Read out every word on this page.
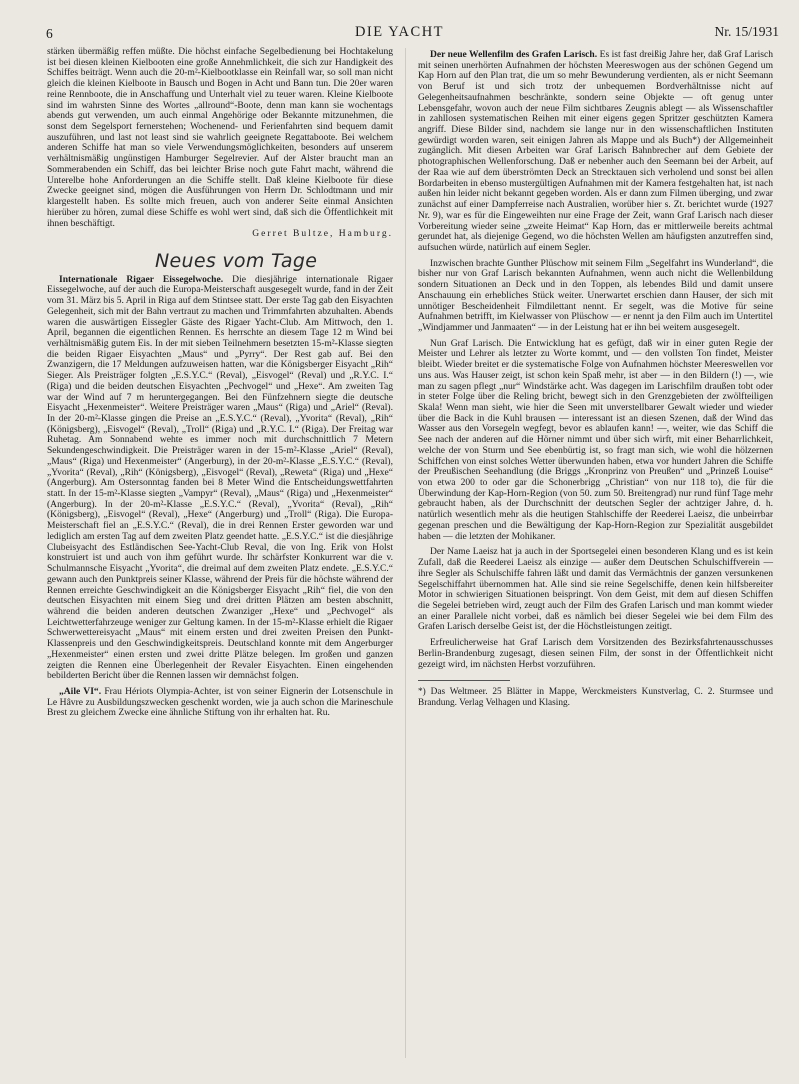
6	DIE YACHT	Nr. 15/1931

stärken übermäßig reffen müßte. Die höchst einfache Segelbedienung bei Hochtakelung ist bei diesen kleinen Kielbooten eine große Annehmlichkeit, die sich zur Handigkeit des Schiffes beiträgt. Wenn auch die 20-m²-Kielbootklasse ein Reinfall war, so soll man nicht gleich die kleinen Kielboote in Bausch und Bogen in Acht und Bann tun. Die 20er waren reine Rennboote, die in Anschaffung und Unterhalt viel zu teuer waren. Kleine Kielboote sind im wahrsten Sinne des Wortes „allround“-Boote, denn man kann sie wochentags abends gut verwenden, um auch einmal Angehörige oder Bekannte mitzunehmen, die sonst dem Segelsport fernerstehen; Wochenend- und Ferienfahrten sind bequem damit auszuführen, und last not least sind sie wahrlich geeignete Regattaboote. Bei welchem anderen Schiffe hat man so viele Verwendungsmöglichkeiten, besonders auf unserem verhältnismäßig ungünstigen Hamburger Segelrevier. Auf der Alster braucht man an Sommerabenden ein Schiff, das bei leichter Brise noch gute Fahrt macht, während die Unterelbe hohe Anforderungen an die Schiffe stellt. Daß kleine Kielboote für diese Zwecke geeignet sind, mögen die Ausführungen von Herrn Dr. Schlodtmann und mir klargestellt haben. Es sollte mich freuen, auch von anderer Seite einmal Ansichten hierüber zu hören, zumal diese Schiffe es wohl wert sind, daß sich die Öffentlichkeit mit ihnen beschäftigt.

Gerret Bultze, Hamburg.
Neues vom Tage

Internationale Rigaer Eissegelwoche. Die diesjährige internationale Rigaer Eissegelwoche, auf der auch die Europa-Meisterschaft ausgesegelt wurde, fand in der Zeit vom 31. März bis 5. April in Riga auf dem Stintsee statt. Der erste Tag gab den Eisyachten Gelegenheit, sich mit der Bahn vertraut zu machen und Trimmfahrten abzuhalten. Abends waren die auswärtigen Eissegler Gäste des Rigaer Yacht-Club. Am Mittwoch, den 1. April, begannen die eigentlichen Rennen. Es herrschte an diesem Tage 12 m Wind bei verhältnismäßig gutem Eis. In der mit sieben Teilnehmern besetzten 15-m²-Klasse siegten die beiden Rigaer Eisyachten „Maus“ und „Pyrry“. Der Rest gab auf. Bei den Zwanzigern, die 17 Meldungen aufzuweisen hatten, war die Königsberger Eisyacht „Rih“ Sieger. Als Preisträger folgten „E.S.Y.C.“ (Reval), „Eisvogel“ (Reval) und „R.Y.C. I.“ (Riga) und die beiden deutschen Eisyachten „Pechvogel“ und „Hexe“. Am zweiten Tag war der Wind auf 7 m heruntergegangen. Bei den Fünfzehnern siegte die deutsche Eisyacht „Hexenmeister“. Weitere Preisträger waren „Maus“ (Riga) und „Ariel“ (Reval). In der 20-m²-Klasse gingen die Preise an „E.S.Y.C.“ (Reval), „Yvorita“ (Reval), „Rih“ (Königsberg), „Eisvogel“ (Reval), „Troll“ (Riga) und „R.Y.C. I.“ (Riga). Der Freitag war Ruhetag. Am Sonnabend wehte es immer noch mit durchschnittlich 7 Metern Sekundengeschwindigkeit. Die Preisträger waren in der 15-m²-Klasse „Ariel“ (Reval), „Maus“ (Riga) und Hexenmeister“ (Angerburg), in der 20-m²-Klasse „E.S.Y.C.“ (Reval), „Yvorita“ (Reval), „Rih“ (Königsberg), „Eisvogel“ (Reval), „Reweta“ (Riga) und „Hexe“ (Angerburg). Am Ostersonntag fanden bei 8 Meter Wind die Entscheidungswettfahrten statt. In der 15-m²-Klasse siegten „Vampyr“ (Reval), „Maus“ (Riga) und „Hexenmeister“ (Angerburg). In der 20-m²-Klasse „E.S.Y.C.“ (Reval), „Yvorita“ (Reval), „Rih“ (Königsberg), „Eisvogel“ (Reval), „Hexe“ (Angerburg) und „Troll“ (Riga). Die Europa-Meisterschaft fiel an „E.S.Y.C.“ (Reval), die in drei Rennen Erster geworden war und lediglich am ersten Tag auf dem zweiten Platz geendet hatte. „E.S.Y.C.“ ist die diesjährige Clubeisyacht des Estländischen See-Yacht-Club Reval, die von Ing. Erik von Holst konstruiert ist und auch von ihm geführt wurde. Ihr schärfster Konkurrent war die v. Schulmannsche Eisyacht „Yvorita“, die dreimal auf dem zweiten Platz endete. „E.S.Y.C.“ gewann auch den Punktpreis seiner Klasse, während der Preis für die höchste während der Rennen erreichte Geschwindigkeit an die Königsberger Eisyacht „Rih“ fiel, die von den deutschen Eisyachten mit einem Sieg und drei dritten Plätzen am besten abschnitt, während die beiden anderen deutschen Zwanziger „Hexe“ und „Pechvogel“ als Leichtwetterfahrzeuge weniger zur Geltung kamen. In der 15-m²-Klasse erhielt die Rigaer Schwerwettereisyacht „Maus“ mit einem ersten und drei zweiten Preisen den Punkt-Klassenpreis und den Geschwindigkeitspreis. Deutschland konnte mit dem Angerburger „Hexenmeister“ einen ersten und zwei dritte Plätze belegen. Im großen und ganzen zeigten die Rennen eine Überlegenheit der Revaler Eisyachten. Einen eingehenden bebilderten Bericht über die Rennen lassen wir demnächst folgen.

„Aile VI“. Frau Hériots Olympia-Achter, ist von seiner Eignerin der Lotsenschule in Le Hâvre zu Ausbildungszwecken geschenkt worden, wie ja auch schon die Marineschule Brest zu gleichem Zwecke eine ähnliche Stiftung von ihr erhalten hat. Ru.

Der neue Wellenfilm des Grafen Larisch. Es ist fast dreißig Jahre her, daß Graf Larisch mit seinen unerhörten Aufnahmen der höchsten Meereswogen aus der schönen Gegend um Kap Horn auf den Plan trat, die um so mehr Bewunderung verdienten, als er nicht Seemann von Beruf ist und sich trotz der unbequemen Bordverhältnisse nicht auf Gelegenheitsaufnahmen beschränkte, sondern seine Objekte — oft genug unter Lebensgefahr, wovon auch der neue Film sichtbares Zeugnis ablegt — als Wissenschaftler in zahllosen systematischen Reihen mit einer eigens gegen Spritzer geschützten Kamera angriff. Diese Bilder sind, nachdem sie lange nur in den wissenschaftlichen Instituten gewürdigt worden waren, seit einigen Jahren als Mappe und als Buch*) der Allgemeinheit zugänglich. Mit diesen Arbeiten war Graf Larisch Bahnbrecher auf dem Gebiete der photographischen Wellenforschung. Daß er nebenher auch den Seemann bei der Arbeit, auf der Raa wie auf dem überströmten Deck an Strecktauen sich verholend und sonst bei allen Bordarbeiten in ebenso mustergültigen Aufnahmen mit der Kamera festgehalten hat, ist nach außen hin leider nicht bekannt gegeben worden. Als er dann zum Filmen überging, und zwar zunächst auf einer Dampferreise nach Australien, worüber hier s. Zt. berichtet wurde (1927 Nr. 9), war es für die Eingeweihten nur eine Frage der Zeit, wann Graf Larisch nach dieser Vorbereitung wieder seine „zweite Heimat“ Kap Horn, das er mittlerweile bereits achtmal gerundet hat, als diejenige Gegend, wo die höchsten Wellen am häufigsten anzutreffen sind, aufsuchen würde, natürlich auf einem Segler.

Inzwischen brachte Gunther Plüschow mit seinem Film „Segelfahrt ins Wunderland“, die bisher nur von Graf Larisch bekannten Aufnahmen, wenn auch nicht die Wellenbildung sondern Situationen an Deck und in den Toppen, als lebendes Bild und damit unsere Anschauung ein erhebliches Stück weiter. Unerwartet erschien dann Hauser, der sich mit unnötiger Bescheidenheit Filmdilettant nennt. Er segelt, was die Motive für seine Aufnahmen betrifft, im Kielwasser von Plüschow — er nennt ja den Film auch im Untertitel „Windjammer und Janmaaten“ — in der Leistung hat er ihn bei weitem ausgesegelt.

Nun Graf Larisch. Die Entwicklung hat es gefügt, daß wir in einer guten Regie der Meister und Lehrer als letzter zu Worte kommt, und — den vollsten Ton findet, Meister bleibt. Wieder breitet er die systematische Folge von Aufnahmen höchster Meereswellen vor uns aus. Was Hauser zeigt, ist schon kein Spaß mehr, ist aber — in den Bildern (!) —, wie man zu sagen pflegt „nur“ Windstärke acht. Was dagegen im Larischfilm draußen tobt oder in steter Folge über die Reling bricht, bewegt sich in den Grenzgebieten der zwölfteiligen Skala! Wenn man sieht, wie hier die Seen mit unverstellbarer Gewalt wieder und wieder über die Back in die Kuhl brausen — interessant ist an diesen Szenen, daß der Wind das Wasser aus den Vorsegeln wegfegt, bevor es ablaufen kann! —, weiter, wie das Schiff die See nach der anderen auf die Hörner nimmt und über sich wirft, mit einer Beharrlichkeit, welche der von Sturm und See ebenbürtig ist, so fragt man sich, wie wohl die hölzernen Schiffchen von einst solches Wetter überwunden haben, etwa vor hundert Jahren die Schiffe der Preußischen Seehandlung (die Briggs „Kronprinz von Preußen“ und „Prinzeß Louise“ von etwa 200 to oder gar die Schonerbrigg „Christian“ von nur 118 to), die für die Überwindung der Kap-Horn-Region (von 50. zum 50. Breitengrad) nur rund fünf Tage mehr gebraucht haben, als der Durchschnitt der deutschen Segler der achtziger Jahre, d. h. natürlich wesentlich mehr als die heutigen Stahlschiffe der Reederei Laeisz, die unbeirrbar gegenan preschen und die Bewältigung der Kap-Horn-Region zur Spezialität ausgebildet haben — die letzten der Mohikaner.

Der Name Laeisz hat ja auch in der Sportsegelei einen besonderen Klang und es ist kein Zufall, daß die Reederei Laeisz als einzige — außer dem Deutschen Schulschiffverein — ihre Segler als Schulschiffe fahren läßt und damit das Vermächtnis der ganzen versunkenen Segelschiffahrt übernommen hat. Alle sind sie reine Segelschiffe, denen kein hilfsbereiter Motor in schwierigen Situationen beispringt. Von dem Geist, mit dem auf diesen Schiffen die Segelei betrieben wird, zeugt auch der Film des Grafen Larisch und man kommt wieder an einer Parallele nicht vorbei, daß es nämlich bei dieser Segelei wie bei dem Film des Grafen Larisch derselbe Geist ist, der die Höchstleistungen zeitigt.

Erfreulicherweise hat Graf Larisch dem Vorsitzenden des Bezirksfahrtenausschusses Berlin-Brandenburg zugesagt, diesen seinen Film, der sonst in der Öffentlichkeit nicht gezeigt wird, im nächsten Herbst vorzuführen.

*) Das Weltmeer. 25 Blätter in Mappe, Werckmeisters Kunstverlag, C. 2. Sturmsee und Brandung. Verlag Velhagen und Klasing.
